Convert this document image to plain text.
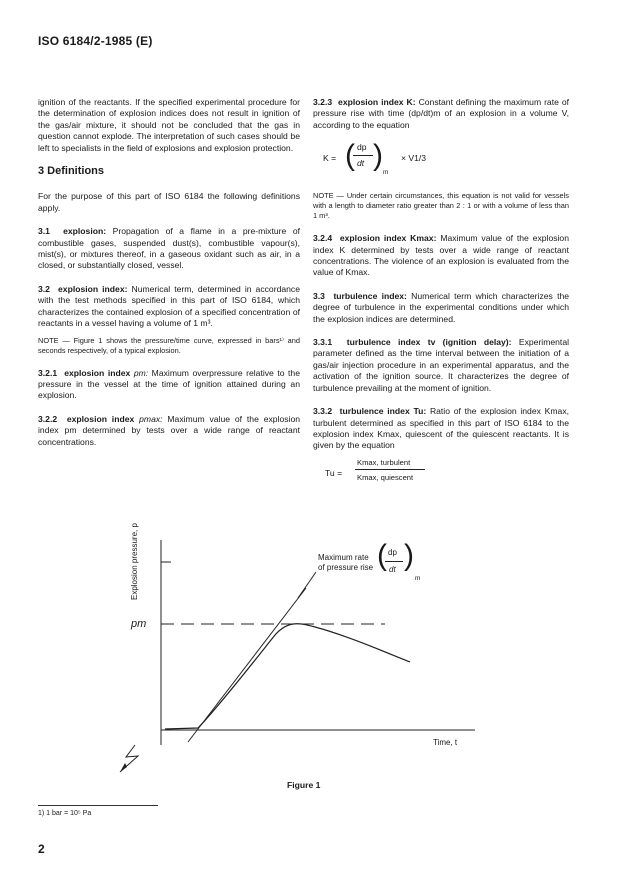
ISO 6184/2-1985 (E)

ignition of the reactants. If the specified experimental procedure for the determination of explosion indices does not result in ignition of the gas/air mixture, it should not be concluded that the gas in question cannot explode. The interpretation of such cases should be left to specialists in the field of explosions and explosion protection.

3 Definitions

For the purpose of this part of ISO 6184 the following definitions apply.

3.1 explosion: Propagation of a flame in a pre-mixture of combustible gases, suspended dust(s), combustible vapour(s), mist(s), or mixtures thereof, in a gaseous oxidant such as air, in a closed, or substantially closed, vessel.

3.2 explosion index: Numerical term, determined in accordance with the test methods specified in this part of ISO 6184, which characterizes the contained explosion of a specified concentration of reactants in a vessel having a volume of 1 m³.

NOTE — Figure 1 shows the pressure/time curve, expressed in bars¹⁾ and seconds respectively, of a typical explosion.

3.2.1 explosion index pm: Maximum overpressure relative to the pressure in the vessel at the time of ignition attained during an explosion.

3.2.2 explosion index pmax: Maximum value of the explosion index pm determined by tests over a wide range of reactant concentrations.

3.2.3 explosion index K: Constant defining the maximum rate of pressure rise with time (dp/dt)m of an explosion in a volume V, according to the equation

K = ( dp
dt )
m
× V1/3

NOTE — Under certain circumstances, this equation is not valid for vessels with a length to diameter ratio greater than 2 : 1 or with a volume of less than 1 m³.

3.2.4 explosion index Kmax: Maximum value of the explosion index K determined by tests over a wide range of reactant concentrations. The violence of an explosion is evaluated from the value of Kmax.

3.3 turbulence index: Numerical term which characterizes the degree of turbulence in the experimental conditions under which the explosion indices are determined.

3.3.1 turbulence index tv (ignition delay): Experimental parameter defined as the time interval between the initiation of a gas/air injection procedure in an experimental apparatus, and the activation of the ignition source. It characterizes the degree of turbulence prevailing at the moment of ignition.

3.3.2 turbulence index Tu: Ratio of the explosion index Kmax, turbulent determined as specified in this part of ISO 6184 to the explosion index Kmax, quiescent of the quiescent reactants. It is given by the equation

Tu =
Kmax, turbulent
Kmax, quiescent
pm
Explosion pressure, p
Time, t
Maximum rate
of pressure rise ( dp
dt )
m
Figure 1
1) 1 bar = 10⁵ Pa
2
